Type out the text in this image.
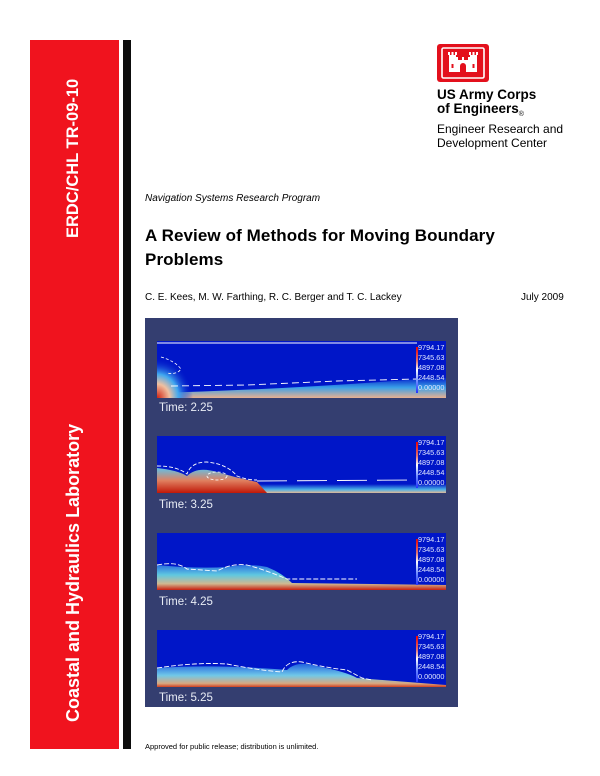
ERDC/CHL TR-09-10
Coastal and Hydraulics Laboratory
US Army Corps
of Engineers®
Engineer Research and
Development Center
Navigation Systems Research Program
A Review of Methods for Moving Boundary Problems
C. E. Kees, M. W. Farthing, R. C. Berger and T. C. Lackey	July 2009
9794.17
7345.63
4897.08
2448.54
0.00000
Time: 2.25
9794.17
7345.63
4897.08
2448.54
0.00000
Time: 3.25
9794.17
7345.63
4897.08
2448.54
0.00000
Time: 4.25
9794.17
7345.63
4897.08
2448.54
0.00000
Time: 5.25
Approved for public release; distribution is unlimited.
